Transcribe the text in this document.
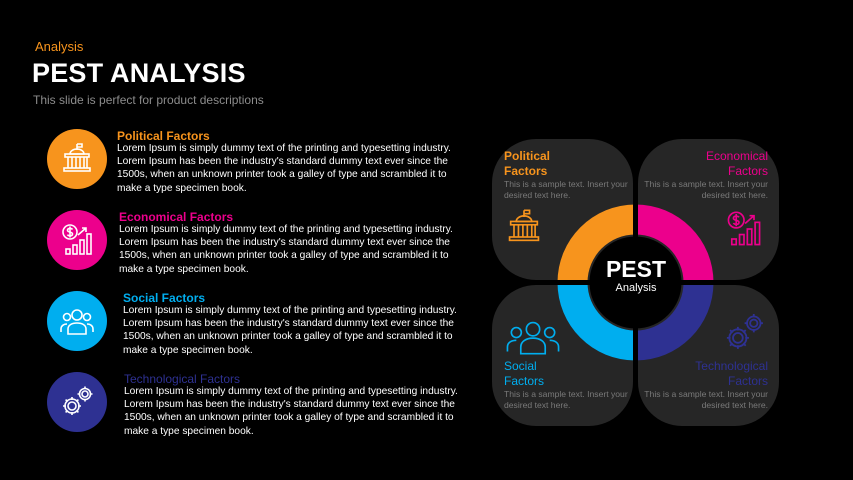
Analysis
PEST ANALYSIS
This slide is perfect for product descriptions
Political Factors
Lorem Ipsum is simply dummy text of the printing and typesetting industry. Lorem Ipsum has been the industry's standard dummy text ever since the 1500s, when an unknown printer took a galley of type and scrambled it to make a type specimen book.
Economical Factors
Lorem Ipsum is simply dummy text of the printing and typesetting industry. Lorem Ipsum has been the industry's standard dummy text ever since the 1500s, when an unknown printer took a galley of type and scrambled it to make a type specimen book.
Social Factors
Lorem Ipsum is simply dummy text of the printing and typesetting industry. Lorem Ipsum has been the industry's standard dummy text ever since the 1500s, when an unknown printer took a galley of type and scrambled it to make a type specimen book.
Technological Factors
Lorem Ipsum is simply dummy text of the printing and typesetting industry. Lorem Ipsum has been the industry's standard dummy text ever since the 1500s, when an unknown printer took a galley of type and scrambled it to make a type specimen book.
Political
Factors
This is a sample text. Insert your desired text here.
Economical
Factors
This is a sample text. Insert your desired text here.
Social
Factors
This is a sample text. Insert your desired text here.
Technological
Factors
This is a sample text. Insert your desired text here.
PEST
Analysis
